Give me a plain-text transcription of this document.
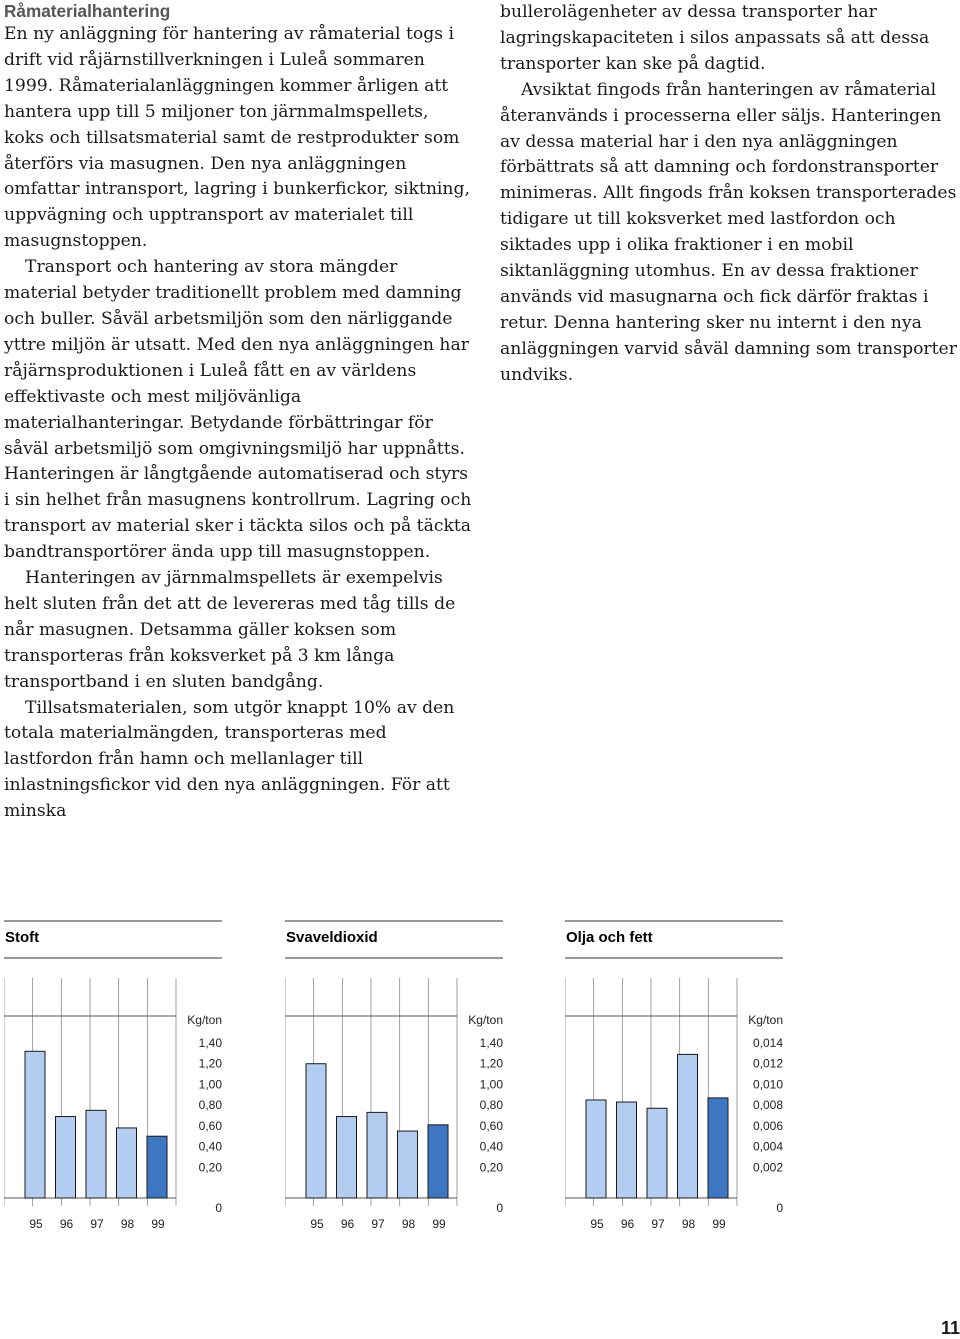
Råmaterialhantering

En ny anläggning för hantering av råmaterial togs i drift vid råjärnstillverkningen i Luleå sommaren 1999. Råmaterialanläggningen kommer årligen att hantera upp till 5 miljoner ton järnmalmspellets, koks och tillsatsmaterial samt de restprodukter som återförs via masugnen. Den nya anläggningen omfattar intransport, lagring i bunkerfickor, siktning, uppvägning och upptransport av materialet till masugnstoppen.

Transport och hantering av stora mängder material betyder traditionellt problem med damning och buller. Såväl arbetsmiljön som den närliggande yttre miljön är utsatt. Med den nya anläggningen har råjärnsproduktionen i Luleå fått en av världens effektivaste och mest miljövänliga materialhanteringar. Betydande förbättringar för såväl arbetsmiljö som omgivningsmiljö har uppnåtts. Hanteringen är långtgående automatiserad och styrs i sin helhet från masugnens kontrollrum. Lagring och transport av material sker i täckta silos och på täckta bandtransportörer ända upp till masugnstoppen.

Hanteringen av järnmalmspellets är exempelvis helt sluten från det att de levereras med tåg tills de når masugnen. Detsamma gäller koksen som transporteras från koksverket på 3 km långa transportband i en sluten bandgång.

Tillsatsmaterialen, som utgör knappt 10% av den totala materialmängden, transporteras med lastfordon från hamn och mellanlager till inlastningsfickor vid den nya anläggningen. För att minska

bullerolägenheter av dessa transporter har lagringskapaciteten i silos anpassats så att dessa transporter kan ske på dagtid.

Avsiktat fingods från hanteringen av råmaterial återanvänds i processerna eller säljs. Hanteringen av dessa material har i den nya anläggningen förbättrats så att damning och fordonstransporter minimeras. Allt fingods från koksen transporterades tidigare ut till koksverket med lastfordon och siktades upp i olika fraktioner i en mobil siktanläggning utomhus. En av dessa fraktioner används vid masugnarna och fick därför fraktas i retur. Denna hantering sker nu internt i den nya anläggningen varvid såväl damning som transporter undviks.

Stoft
Kg/ton
0
0,20
0,40
0,60
0,80
1,00
1,20
1,40
95 96 97 98 99
Svaveldioxid
Kg/ton
0
0,20
0,40
0,60
0,80
1,00
1,20
1,40
95 96 97 98 99
Olja och fett
Kg/ton
0
0,002
0,004
0,006
0,008
0,010
0,012
0,014
95 96 97 98 99
11
